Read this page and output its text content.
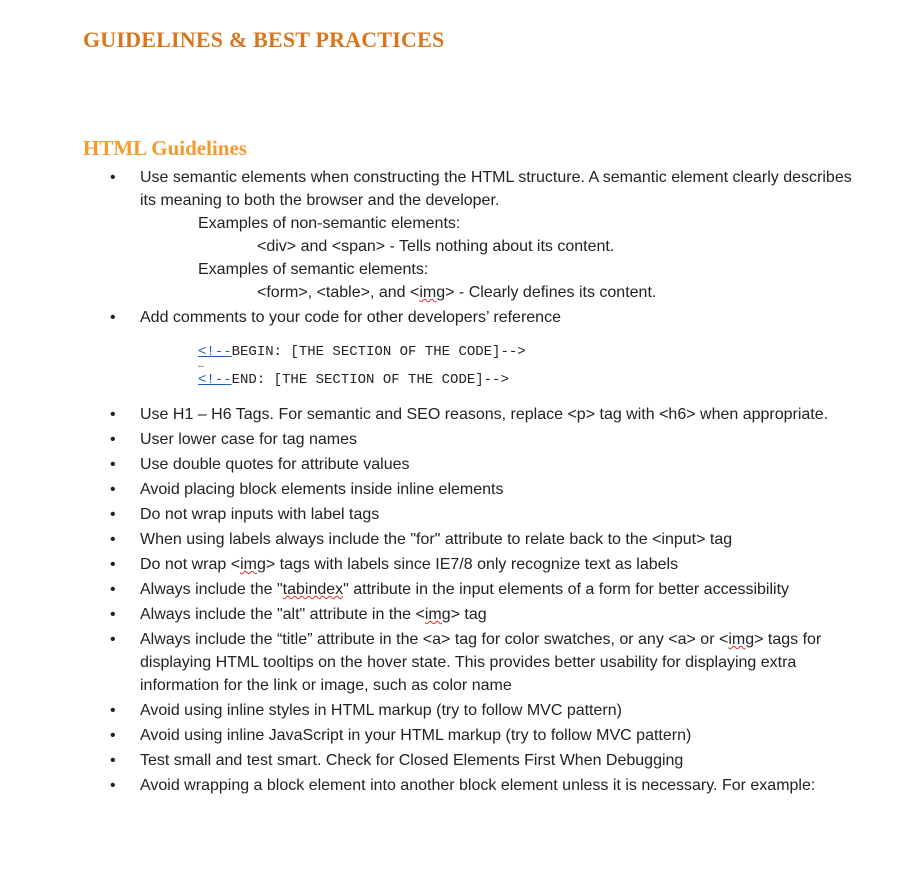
GUIDELINES & BEST PRACTICES
HTML Guidelines
• Use semantic elements when constructing the HTML structure. A semantic element clearly describes its meaning to both the browser and the developer.
Examples of non-semantic elements:
<div> and <span> - Tells nothing about its content.
Examples of semantic elements:
<form>, <table>, and <img> - Clearly defines its content.
• Add comments to your code for other developers’ reference
<!--BEGIN: [THE SECTION OF THE CODE]-->
…
<!--END: [THE SECTION OF THE CODE]-->
• Use H1 – H6 Tags. For semantic and SEO reasons, replace <p> tag with <h6> when appropriate.
• User lower case for tag names
• Use double quotes for attribute values
• Avoid placing block elements inside inline elements
• Do not wrap inputs with label tags
• When using labels always include the "for" attribute to relate back to the <input> tag
• Do not wrap <img> tags with labels since IE7/8 only recognize text as labels
• Always include the "tabindex" attribute in the input elements of a form for better accessibility
• Always include the "alt" attribute in the <img> tag
• Always include the “title” attribute in the <a> tag for color swatches, or any <a> or <img> tags for displaying HTML tooltips on the hover state. This provides better usability for displaying extra information for the link or image, such as color name
• Avoid using inline styles in HTML markup (try to follow MVC pattern)
• Avoid using inline JavaScript in your HTML markup (try to follow MVC pattern)
• Test small and test smart. Check for Closed Elements First When Debugging
• Avoid wrapping a block element into another block element unless it is necessary. For example:
